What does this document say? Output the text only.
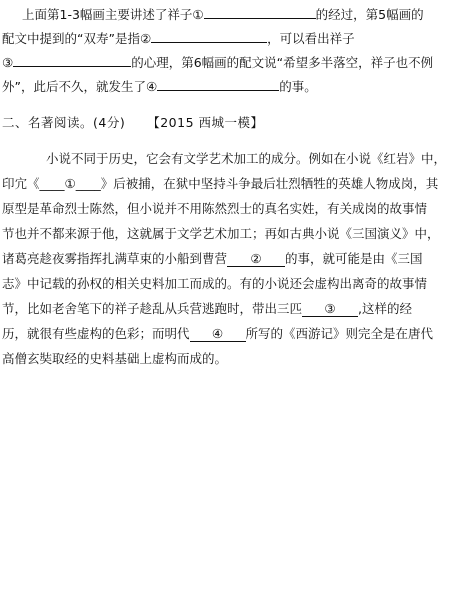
上面第1-3幅画主要讲述了祥子①	的经过，第5幅画的
配文中提到的“双寿”是指②	，可以看出祥子
③	的心理，第6幅画的配文说“希望多半落空，祥子也不例
外”，此后不久，就发生了④	的事。
二、名著阅读。(4分) 【2015 西城一模】
小说不同于历史，它会有文学艺术加工的成分。例如在小说《红岩》中，
印宂《____①____》后被捕，在狱中坚持斗争最后壮烈牺牲的英雄人物成岗，其
原型是革命烈士陈然，但小说并不用陈然烈士的真名实姓，有关成岗的故事情
节也并不都来源于他，这就属于文学艺术加工；再如古典小说《三国演义》中，
诸葛亮趁夜雾指挥扎满草束的小船到曹营 ② 的事，就可能是由《三国
志》中记载的孙权的相关史料加工而成的。有的小说还会虚构出离奇的故事情
节，比如老舍笔下的祥子趁乱从兵营逃跑时，带出三匹 ③ ,这样的经
历，就很有些虚构的色彩；而明代 ④ 所写的《西游记》则完全是在唐代
高僧玄奘取经的史料基础上虚构而成的。
